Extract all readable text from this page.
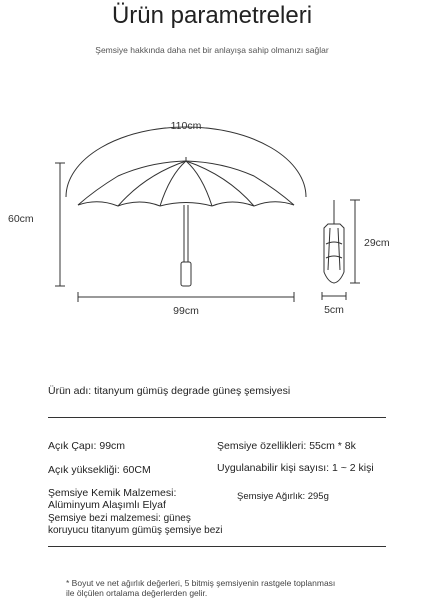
Ürün parametreleri
Şemsiye hakkında daha net bir anlayışa sahip olmanızı sağlar
110cm
60cm
99cm
29cm
5cm
Ürün adı: titanyum gümüş degrade güneş şemsiyesi
Açık Çapı: 99cm	Şemsiye özellikleri: 55cm * 8k
Açık yüksekliği: 60CM	Uygulanabilir kişi sayısı: 1 ~ 2 kişi
Şemsiye Kemik Malzemesi:
Alüminyum Alaşımlı Elyaf
Şemsiye Ağırlık: 295g
Şemsiye bezi malzemesi: güneş
koruyucu titanyum gümüş şemsiye bezi
* Boyut ve net ağırlık değerleri, 5 bitmiş şemsiyenin rastgele toplanması
ile ölçülen ortalama değerlerden gelir.
